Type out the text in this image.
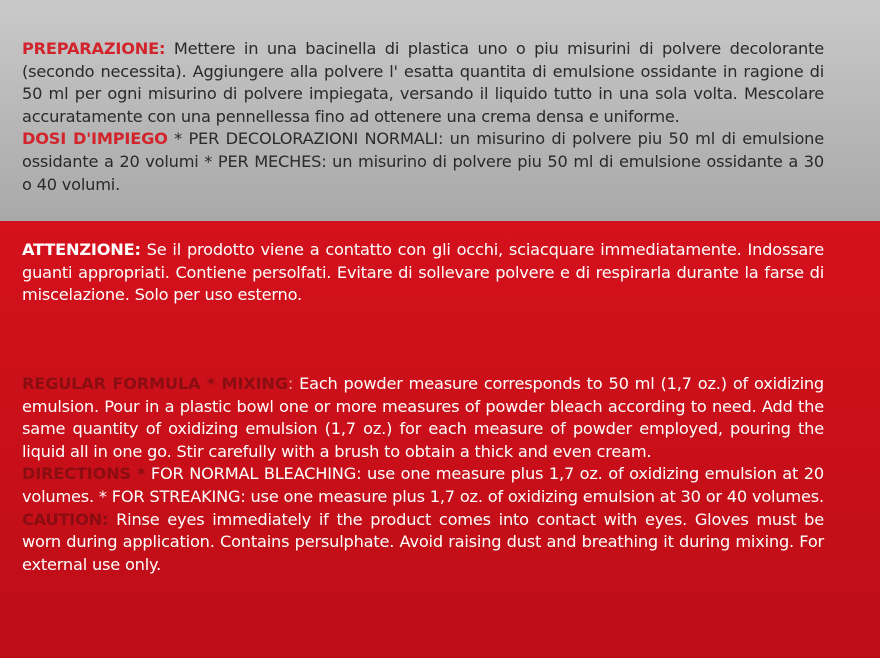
PREPARAZIONE: Mettere in una bacinella di plastica uno o piu misurini di polvere decolorante (secondo necessita). Aggiungere alla polvere l' esatta quantita di emulsione ossidante in ragione di 50 ml per ogni misurino di polvere impiegata, versando il liquido tutto in una sola volta. Mescolare accuratamente con una pennellessa fino ad ottenere una crema densa e uniforme.

DOSI D'IMPIEGO * PER DECOLORAZIONI NORMALI: un misurino di polvere piu 50 ml di emulsione ossidante a 20 volumi * PER MECHES: un misurino di polvere piu 50 ml di emulsione ossidante a 30 o 40 volumi.

ATTENZIONE: Se il prodotto viene a contatto con gli occhi, sciacquare immediatamente. Indossare guanti appropriati. Contiene persolfati. Evitare di sollevare polvere e di respirarla durante la farse di miscelazione. Solo per uso esterno.

REGULAR FORMULA * MIXING: Each powder measure corresponds to 50 ml (1,7 oz.) of oxidizing emulsion. Pour in a plastic bowl one or more measures of powder bleach according to need. Add the same quantity of oxidizing emulsion (1,7 oz.) for each measure of powder employed, pouring the liquid all in one go. Stir carefully with a brush to obtain a thick and even cream.

DIRECTIONS * FOR NORMAL BLEACHING: use one measure plus 1,7 oz. of oxidizing emulsion at 20 volumes. * FOR STREAKING: use one measure plus 1,7 oz. of oxidizing emulsion at 30 or 40 volumes.

CAUTION: Rinse eyes immediately if the product comes into contact with eyes. Gloves must be worn during application. Contains persulphate. Avoid raising dust and breathing it during mixing. For external use only.
